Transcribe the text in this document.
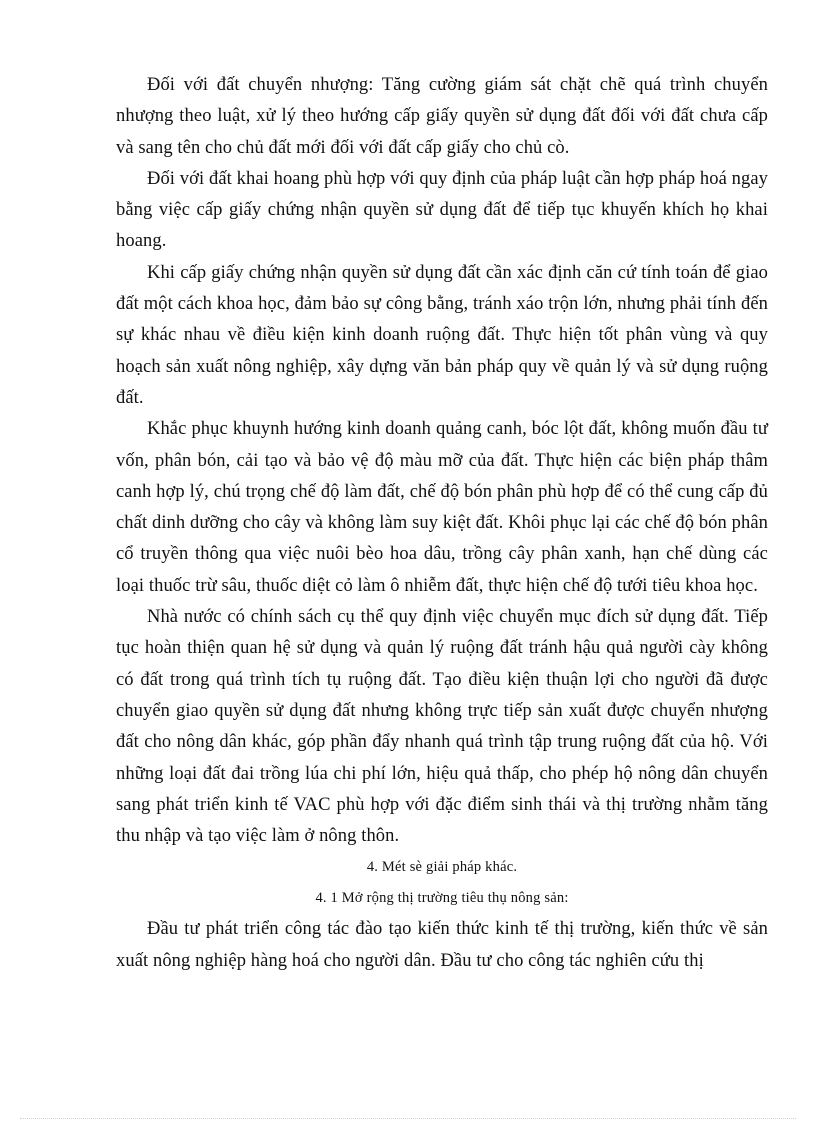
Đối với đất chuyển nhượng: Tăng cường giám sát chặt chẽ quá trình chuyển nhượng theo luật, xử lý theo hướng cấp giấy quyền sử dụng đất đối với đất chưa cấp và sang tên cho chủ đất mới đối với đất cấp giấy cho chủ cò.

Đối với đất khai hoang phù hợp với quy định của pháp luật cần hợp pháp hoá ngay bằng việc cấp giấy chứng nhận quyền sử dụng đất để tiếp tục khuyến khích họ khai hoang.

Khi cấp giấy chứng nhận quyền sử dụng đất cần xác định căn cứ tính toán để giao đất một cách khoa học, đảm bảo sự công bằng, tránh xáo trộn lớn, nhưng phải tính đến sự khác nhau về điều kiện kinh doanh ruộng đất. Thực hiện tốt phân vùng và quy hoạch sản xuất nông nghiệp, xây dựng văn bản pháp quy về quản lý và sử dụng ruộng đất.

Khắc phục khuynh hướng kinh doanh quảng canh, bóc lột đất, không muốn đầu tư vốn, phân bón, cải tạo và bảo vệ độ màu mỡ của đất. Thực hiện các biện pháp thâm canh hợp lý, chú trọng chế độ làm đất, chế độ bón phân phù hợp để có thể cung cấp đủ chất dinh dưỡng cho cây và không làm suy kiệt đất. Khôi phục lại các chế độ bón phân cổ truyền thông qua việc nuôi bèo hoa dâu, trồng cây phân xanh, hạn chế dùng các loại thuốc trừ sâu, thuốc diệt cỏ làm ô nhiễm đất, thực hiện chế độ tưới tiêu khoa học.

Nhà nước có chính sách cụ thể quy định việc chuyển mục đích sử dụng đất. Tiếp tục hoàn thiện quan hệ sử dụng và quản lý ruộng đất tránh hậu quả người cày không có đất trong quá trình tích tụ ruộng đất. Tạo điều kiện thuận lợi cho người đã được chuyển giao quyền sử dụng đất nhưng không trực tiếp sản xuất được chuyển nhượng đất cho nông dân khác, góp phần đẩy nhanh quá trình tập trung ruộng đất của hộ. Với những loại đất đai trồng lúa chi phí lớn, hiệu quả thấp, cho phép hộ nông dân chuyển sang phát triển kinh tế VAC phù hợp với đặc điểm sinh thái và thị trường nhằm tăng thu nhập và tạo việc làm ở nông thôn.

4. Mét sè giải pháp khác.

4. 1 Mở rộng thị trường tiêu thụ nông sản:

Đầu tư phát triển công tác đào tạo kiến thức kinh tế thị trường, kiến thức về sản xuất nông nghiệp hàng hoá cho người dân. Đầu tư cho công tác nghiên cứu thị
